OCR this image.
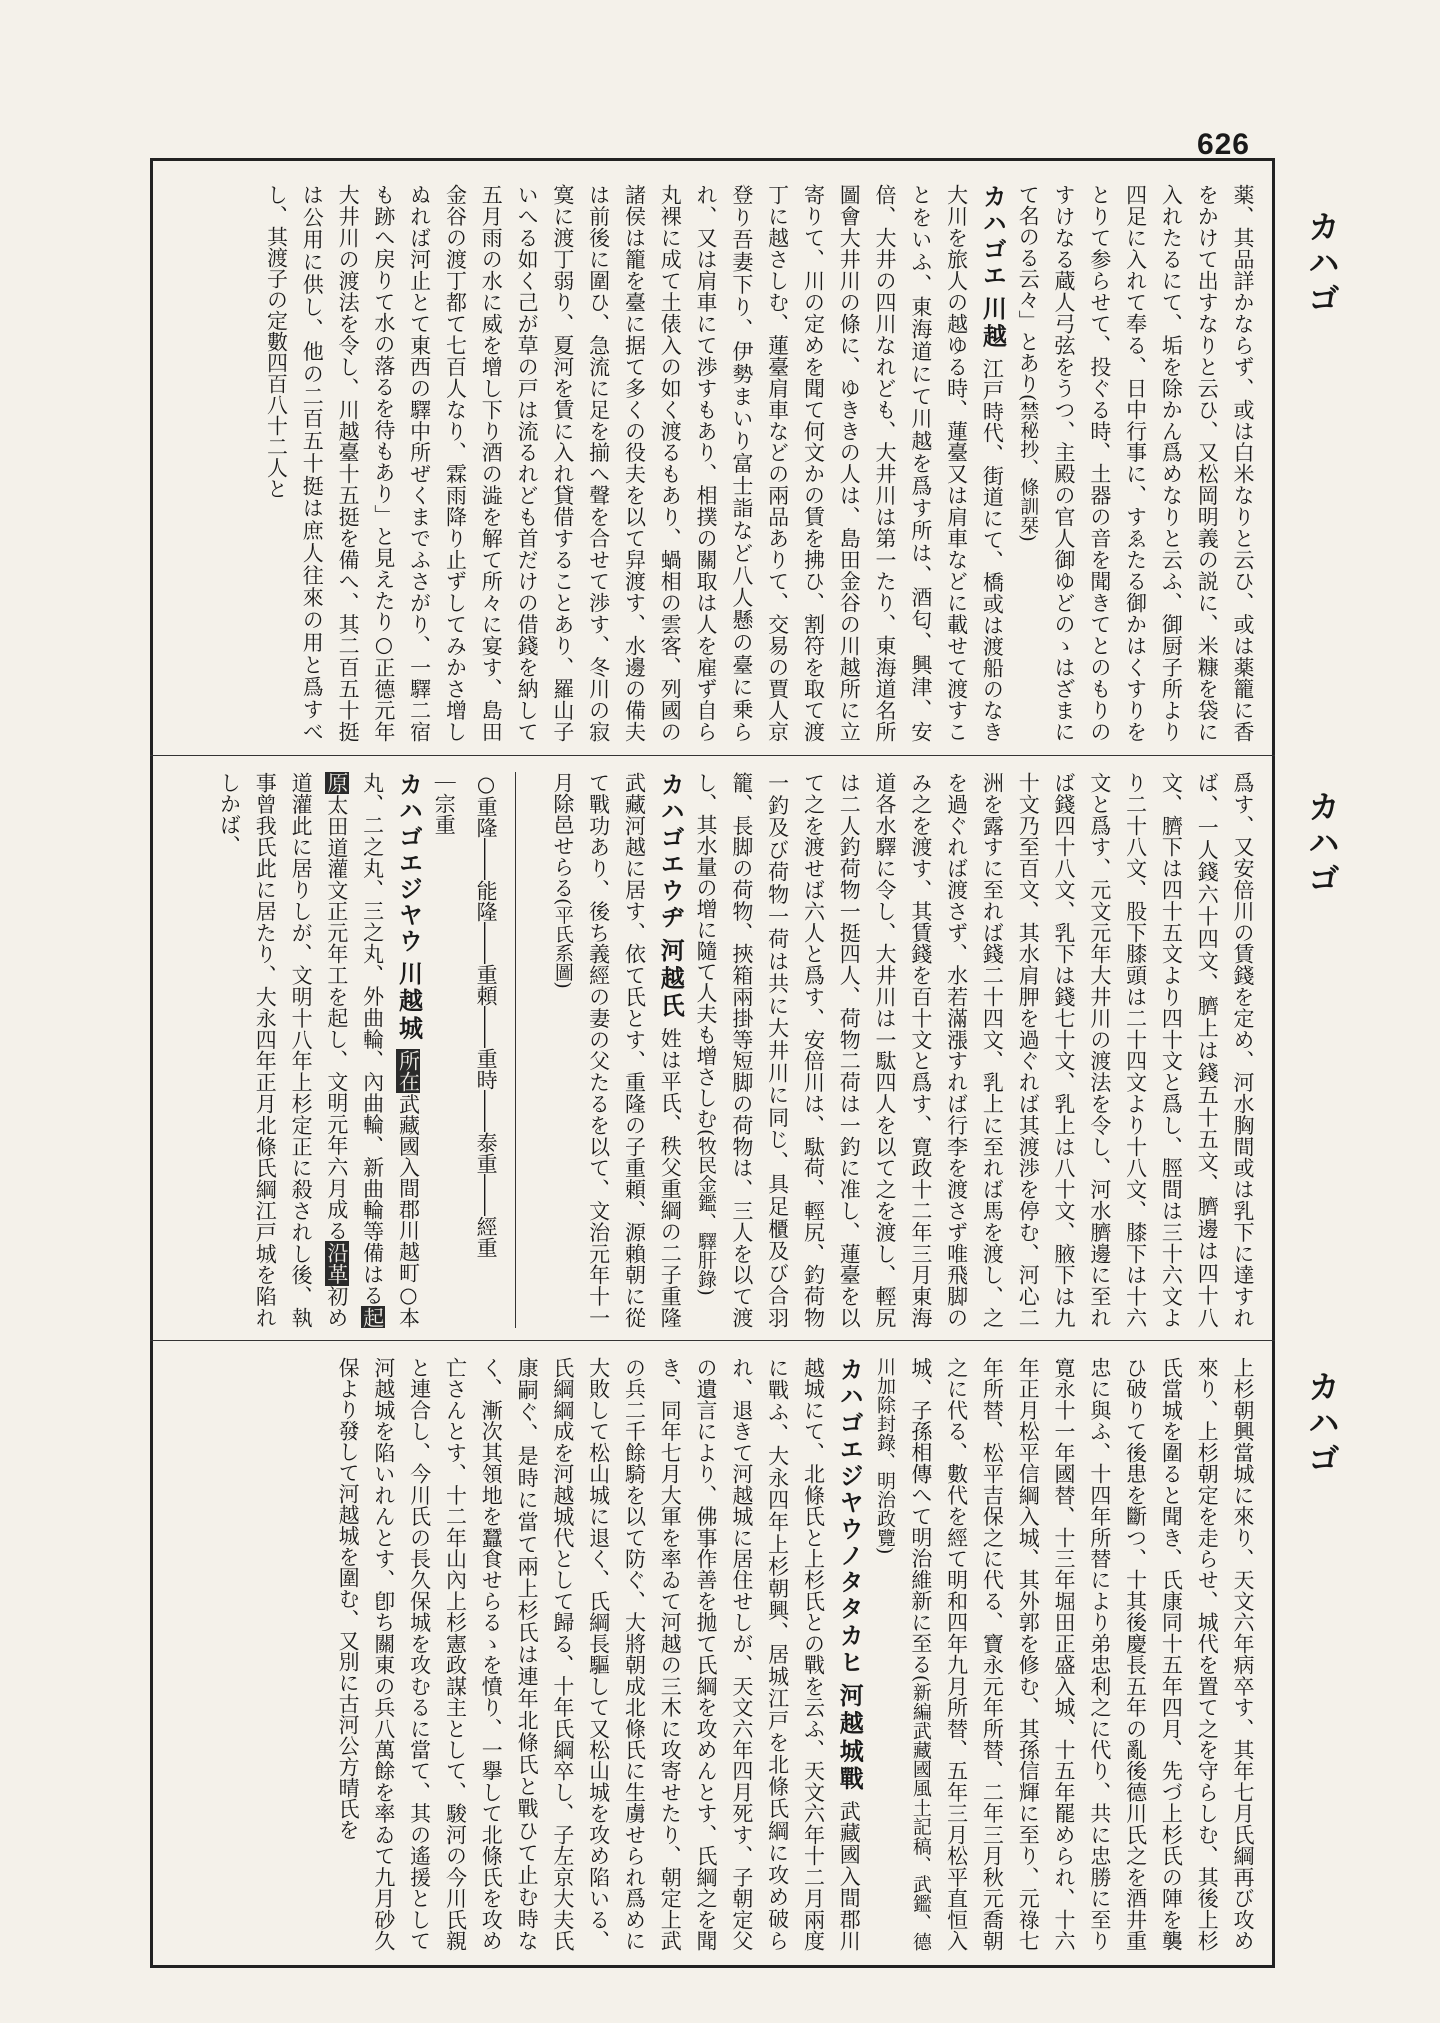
626
カハゴ
カハゴ
カハゴ

薬、其品詳かならず、或は白米なりと云ひ、或は薬籠に香をかけて出すなりと云ひ、又松岡明義の説に、米糠を袋に入れたるにて、垢を除かん爲めなりと云ふ、御厨子所より四足に入れて奉る、日中行事に、すゑたる御かはくすりをとりて参らせて、投ぐる時、土器の音を聞きてとのもりのすけなる蔵人弓弦をうつ、主殿の官人御ゆどのゝはざまにて名のる云々」とあり(禁秘抄、條訓栞)

カハゴエ 川越 江戸時代、街道にて、橋或は渡船のなき大川を旅人の越ゆる時、蓮臺又は肩車などに載せて渡すことをいふ、東海道にて川越を爲す所は、酒匂、興津、安倍、大井の四川なれども、大井川は第一たり、東海道名所圖會大井川の條に、ゆききの人は、島田金谷の川越所に立寄りて、川の定めを聞て何文かの賃を拂ひ、割符を取て渡丁に越さしむ、蓮臺肩車などの兩品ありて、交易の賈人京登り吾妻下り、伊勢まいり富士詣など八人懸の臺に乗られ、又は肩車にて渉すもあり、相撲の關取は人を雇ず自ら丸裸に成て土俵入の如く渡るもあり、蝸相の雲客、列國の諸侯は籠を臺に据て多くの役夫を以て舁渡す、水邊の備夫は前後に圍ひ、急流に足を揃へ聲を合せて渉す、冬川の寂寞に渡丁弱り、夏河を賃に入れ貸借することあり、羅山子いへる如く己が草の戸は流るれども首だけの借錢を納して五月雨の水に威を增し下り酒の澁を解て所々に宴す、島田金谷の渡丁都て七百人なり、霖雨降り止ずしてみかさ增しぬれば河止とて東西の驛中所ぜくまでふさがり、一驛二宿も跡へ戻りて水の落るを待もあり」と見えたり○正德元年大井川の渡法を令し、川越臺十五挺を備へ、其二百五十挺は公用に供し、他の二百五十挺は庶人往來の用と爲すべし、其渡子の定數四百八十二人と

爲す、又安倍川の賃錢を定め、河水胸間或は乳下に達すれば、一人錢六十四文、臍上は錢五十五文、臍邊は四十八文、臍下は四十五文より四十文と爲し、脛間は三十六文より二十八文、股下膝頭は二十四文より十八文、膝下は十六文と爲す、元文元年大井川の渡法を令し、河水臍邊に至れば錢四十八文、乳下は錢七十文、乳上は八十文、腋下は九十文乃至百文、其水肩胛を過ぐれば其渡渉を停む、河心二洲を露すに至れば錢二十四文、乳上に至れば馬を渡し、之を過ぐれば渡さず、水若滿漲すれば行李を渡さず唯飛脚のみ之を渡す、其賃錢を百十文と爲す、寛政十二年三月東海道各水驛に令し、大井川は一駄四人を以て之を渡し、輕尻は二人釣荷物一挺四人、荷物二荷は一釣に准し、蓮臺を以て之を渡せば六人と爲す、安倍川は、駄荷、輕尻、釣荷物一釣及び荷物一荷は共に大井川に同じ、具足櫃及び合羽籠、長脚の荷物、挾箱兩掛等短脚の荷物は、三人を以て渡し、其水量の增に隨て人夫も增さしむ(牧民金鑑、驛肝錄)

カハゴエウヂ 河越氏 姓は平氏、秩父重綱の二子重隆武藏河越に居す、依て氏とす、重隆の子重頼、源賴朝に從て戰功あり、後ち義經の妻の父たるを以て、文治元年十一月除邑せらる(平氏系圖)

○重隆――能隆――重頼――重時――泰重――經重
｜宗重

カハゴエジヤウ 川越城 所在武藏國入間郡川越町○本丸、二之丸、三之丸、外曲輪、內曲輪、新曲輪等備はる起原太田道灌文正元年工を起し、文明元年六月成る沿革初め道灌此に居りしが、文明十八年上杉定正に殺されし後、執事曾我氏此に居たり、大永四年正月北條氏綱江戸城を陷れしかば、

上杉朝興當城に來り、天文六年病卒す、其年七月氏綱再び攻め來り、上杉朝定を走らせ、城代を置て之を守らしむ、其後上杉氏當城を圍ると聞き、氏康同十五年四月、先づ上杉氏の陣を襲ひ破りて後患を斷つ、十其後慶長五年の亂後德川氏之を酒井重忠に與ふ、十四年所替により弟忠利之に代り、共に忠勝に至り寛永十一年國替、十三年堀田正盛入城、十五年罷められ、十六年正月松平信綱入城、其外郭を修む、其孫信輝に至り、元祿七年所替、松平吉保之に代る、寶永元年所替、二年三月秋元喬朝之に代る、數代を經て明和四年九月所替、五年三月松平直恒入城、子孫相傳へて明治維新に至る(新編武藏國風土記稿、武鑑、德川加除封錄、明治政覽)

カハゴエジヤウノタタカヒ 河越城戰 武藏國入間郡川越城にて、北條氏と上杉氏との戰を云ふ、天文六年十二月兩度に戰ふ、大永四年上杉朝興、居城江戸を北條氏綱に攻め破られ、退きて河越城に居住せしが、天文六年四月死す、子朝定父の遺言により、佛事作善を拋て氏綱を攻めんとす、氏綱之を聞き、同年七月大軍を率ゐて河越の三木に攻寄せたり、朝定上武の兵二千餘騎を以て防ぐ、大將朝成北條氏に生虜せられ爲めに大敗して松山城に退く、氏綱長驅して又松山城を攻め陷いる、氏綱綱成を河越城代として歸る、十年氏綱卒し、子左京大夫氏康嗣ぐ、是時に當て兩上杉氏は連年北條氏と戰ひて止む時なく、漸次其領地を蠶食せらるゝを憤り、一擧して北條氏を攻め亡さんとす、十二年山內上杉憲政謀主として、駿河の今川氏親と連合し、今川氏の長久保城を攻むるに當て、其の遙援として河越城を陷いれんとす、卽ち關東の兵八萬餘を率ゐて九月砂久保より發して河越城を圍む、又別に古河公方晴氏を
